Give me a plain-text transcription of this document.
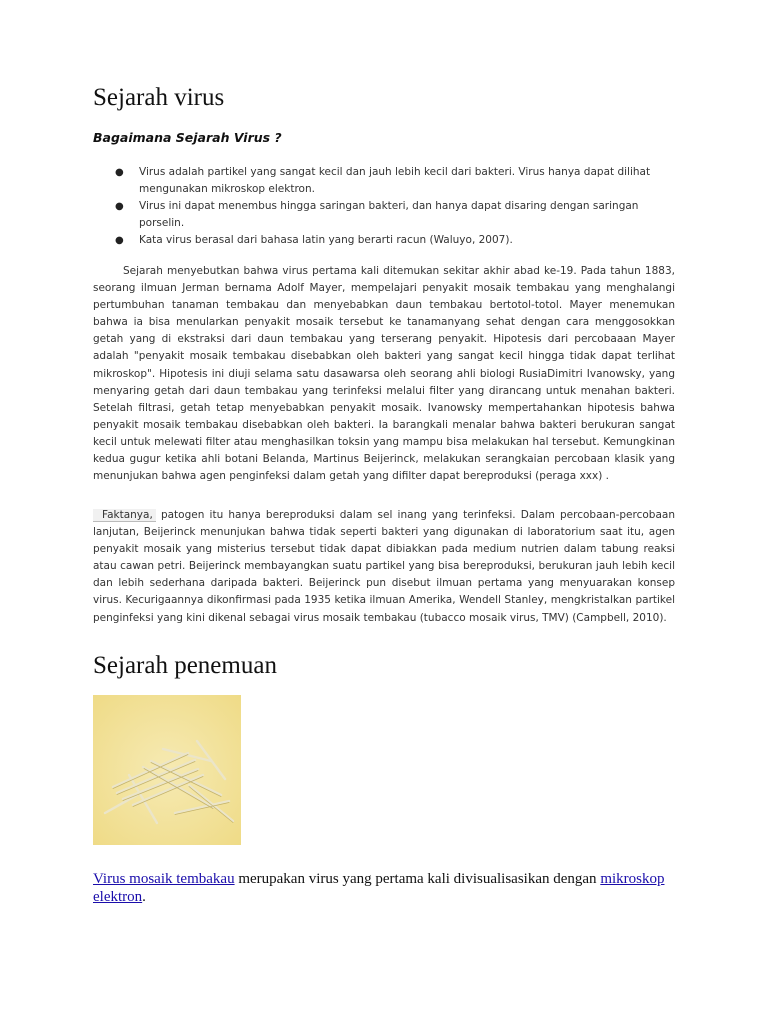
Sejarah virus

Bagaimana Sejarah Virus ?

● Virus adalah partikel yang sangat kecil dan jauh lebih kecil dari bakteri. Virus hanya dapat dilihat mengunakan mikroskop elektron.
● Virus ini dapat menembus hingga saringan bakteri, dan hanya dapat disaring dengan saringan porselin.
● Kata virus berasal dari bahasa latin yang berarti racun (Waluyo, 2007).

Sejarah menyebutkan bahwa virus pertama kali ditemukan sekitar akhir abad ke-19. Pada tahun 1883, seorang ilmuan Jerman bernama Adolf Mayer, mempelajari penyakit mosaik tembakau yang menghalangi pertumbuhan tanaman tembakau dan menyebabkan daun tembakau bertotol-totol. Mayer menemukan bahwa ia bisa menularkan penyakit mosaik tersebut ke tanamanyang sehat dengan cara menggosokkan getah yang di ekstraksi dari daun tembakau yang terserang penyakit. Hipotesis dari percobaaan Mayer adalah "penyakit mosaik tembakau disebabkan oleh bakteri yang sangat kecil hingga tidak dapat terlihat mikroskop". Hipotesis ini diuji selama satu dasawarsa oleh seorang ahli biologi RusiaDimitri Ivanowsky, yang menyaring getah dari daun tembakau yang terinfeksi melalui filter yang dirancang untuk menahan bakteri. Setelah filtrasi, getah tetap menyebabkan penyakit mosaik. Ivanowsky mempertahankan hipotesis bahwa penyakit mosaik tembakau disebabkan oleh bakteri. Ia barangkali menalar bahwa bakteri berukuran sangat kecil untuk melewati filter atau menghasilkan toksin yang mampu bisa melakukan hal tersebut. Kemungkinan kedua gugur ketika ahli botani Belanda, Martinus Beijerinck, melakukan serangkaian percobaan klasik yang menunjukan bahwa agen penginfeksi dalam getah yang difilter dapat bereproduksi (peraga xxx) .

Faktanya, patogen itu hanya bereproduksi dalam sel inang yang terinfeksi. Dalam percobaan-percobaan lanjutan, Beijerinck menunjukan bahwa tidak seperti bakteri yang digunakan di laboratorium saat itu, agen penyakit mosaik yang misterius tersebut tidak dapat dibiakkan pada medium nutrien dalam tabung reaksi atau cawan petri. Beijerinck membayangkan suatu partikel yang bisa bereproduksi, berukuran jauh lebih kecil dan lebih sederhana daripada bakteri. Beijerinck pun disebut ilmuan pertama yang menyuarakan konsep virus. Kecurigaannya dikonfirmasi pada 1935 ketika ilmuan Amerika, Wendell Stanley, mengkristalkan partikel penginfeksi yang kini dikenal sebagai virus mosaik tembakau (tubacco mosaik virus, TMV) (Campbell, 2010).

Sejarah penemuan

Virus mosaik tembakau merupakan virus yang pertama kali divisualisasikan dengan mikroskop elektron.
